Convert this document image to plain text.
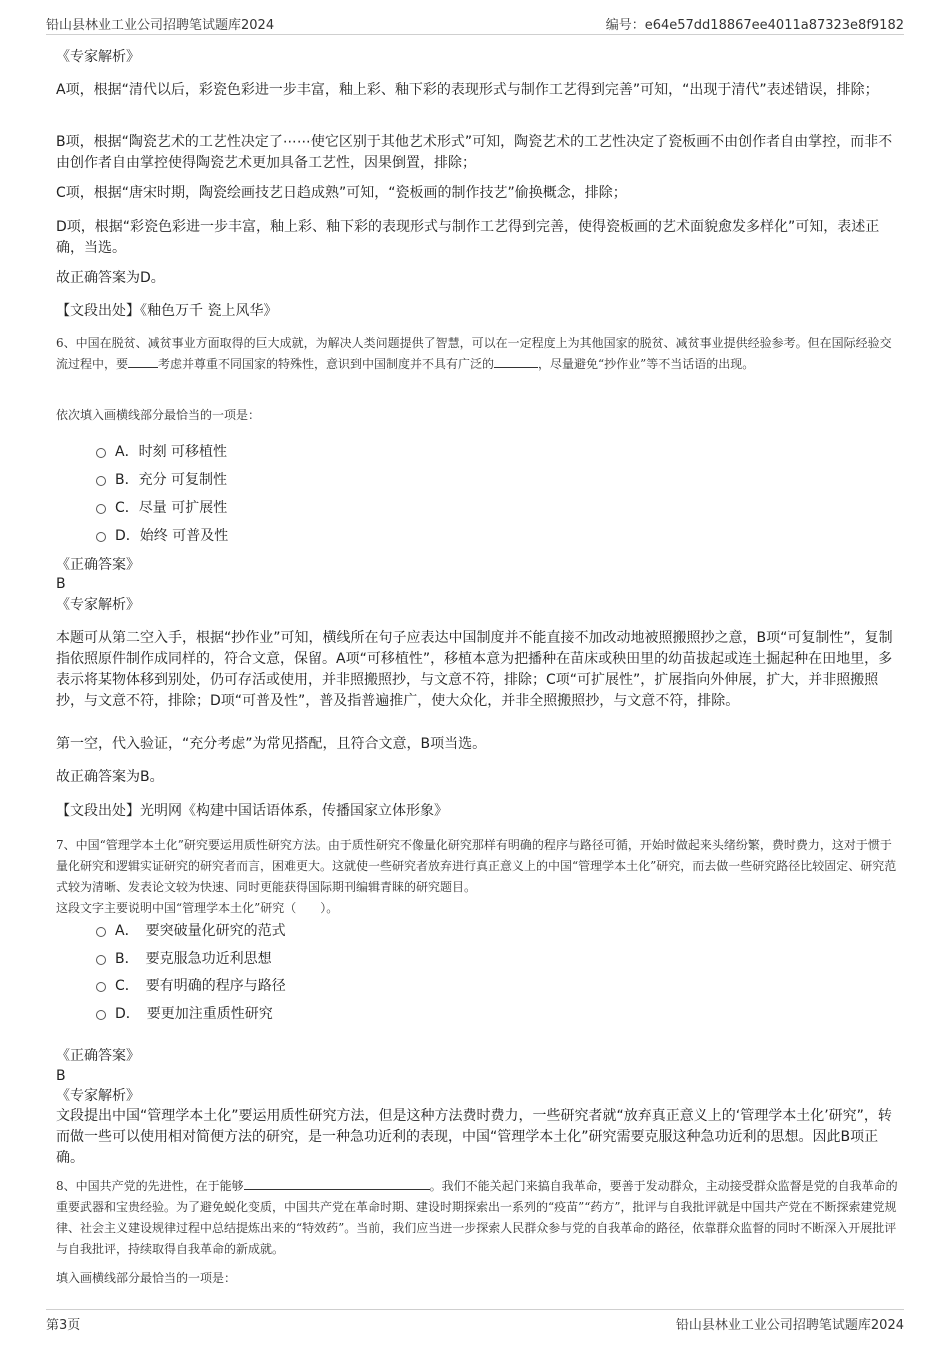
铅山县林业工业公司招聘笔试题库2024	编号：e64e57dd18867ee4011a87323e8f9182

《专家解析》

A项，根据“清代以后，彩瓷色彩进一步丰富，釉上彩、釉下彩的表现形式与制作工艺得到完善”可知，“出现于清代”表述错误，排除；

B项，根据“陶瓷艺术的工艺性决定了⋯⋯使它区别于其他艺术形式”可知，陶瓷艺术的工艺性决定了瓷板画不由创作者自由掌控，而非不由创作者自由掌控使得陶瓷艺术更加具备工艺性，因果倒置，排除；

C项，根据“唐宋时期，陶瓷绘画技艺日趋成熟”可知，“瓷板画的制作技艺”偷换概念，排除；

D项，根据“彩瓷色彩进一步丰富，釉上彩、釉下彩的表现形式与制作工艺得到完善，使得瓷板画的艺术面貌愈发多样化”可知，表述正确，当选。

故正确答案为D。

【文段出处】《釉色万千 瓷上风华》

6、中国在脱贫、减贫事业方面取得的巨大成就，为解决人类问题提供了智慧，可以在一定程度上为其他国家的脱贫、减贫事业提供经验参考。但在国际经验交流过程中，要	考虑并尊重不同国家的特殊性，意识到中国制度并不具有广泛的	，尽量避免“抄作业”等不当话语的出现。

依次填入画横线部分最恰当的一项是：

A．时刻 可移植性
B．充分 可复制性
C．尽量 可扩展性
D．始终 可普及性

《正确答案》

B

《专家解析》

本题可从第二空入手，根据“抄作业”可知，横线所在句子应表达中国制度并不能直接不加改动地被照搬照抄之意，B项“可复制性”，复制指依照原件制作成同样的，符合文意，保留。A项“可移植性”，移植本意为把播种在苗床或秧田里的幼苗拔起或连土掘起种在田地里，多表示将某物体移到别处，仍可存活或使用，并非照搬照抄，与文意不符，排除；C项“可扩展性”，扩展指向外伸展，扩大，并非照搬照抄，与文意不符，排除；D项“可普及性”，普及指普遍推广，使大众化，并非全照搬照抄，与文意不符，排除。

第一空，代入验证，“充分考虑”为常见搭配，且符合文意，B项当选。

故正确答案为B。

【文段出处】光明网《构建中国话语体系，传播国家立体形象》

7、中国“管理学本土化”研究要运用质性研究方法。由于质性研究不像量化研究那样有明确的程序与路径可循，开始时做起来头绪纷繁，费时费力，这对于惯于量化研究和逻辑实证研究的研究者而言，困难更大。这就使一些研究者放弃进行真正意义上的中国“管理学本土化”研究，而去做一些研究路径比较固定、研究范式较为清晰、发表论文较为快速、同时更能获得国际期刊编辑青睐的研究题目。

这段文字主要说明中国“管理学本土化”研究（　　）。

A．　要突破量化研究的范式
B．　要克服急功近利思想
C．　要有明确的程序与路径
D．　要更加注重质性研究

《正确答案》

B

《专家解析》

文段提出中国“管理学本土化”要运用质性研究方法，但是这种方法费时费力，一些研究者就“放弃真正意义上的‘管理学本土化’研究”，转而做一些可以使用相对简便方法的研究，是一种急功近利的表现，中国“管理学本土化”研究需要克服这种急功近利的思想。因此B项正确。

8、中国共产党的先进性，在于能够	。我们不能关起门来搞自我革命，要善于发动群众，主动接受群众监督是党的自我革命的重要武器和宝贵经验。为了避免蜕化变质，中国共产党在革命时期、建设时期探索出一系列的“疫苗”“药方”，批评与自我批评就是中国共产党在不断探索建党规律、社会主义建设规律过程中总结提炼出来的“特效药”。当前，我们应当进一步探索人民群众参与党的自我革命的路径，依靠群众监督的同时不断深入开展批评与自我批评，持续取得自我革命的新成就。

填入画横线部分最恰当的一项是：

第3页	铅山县林业工业公司招聘笔试题库2024
